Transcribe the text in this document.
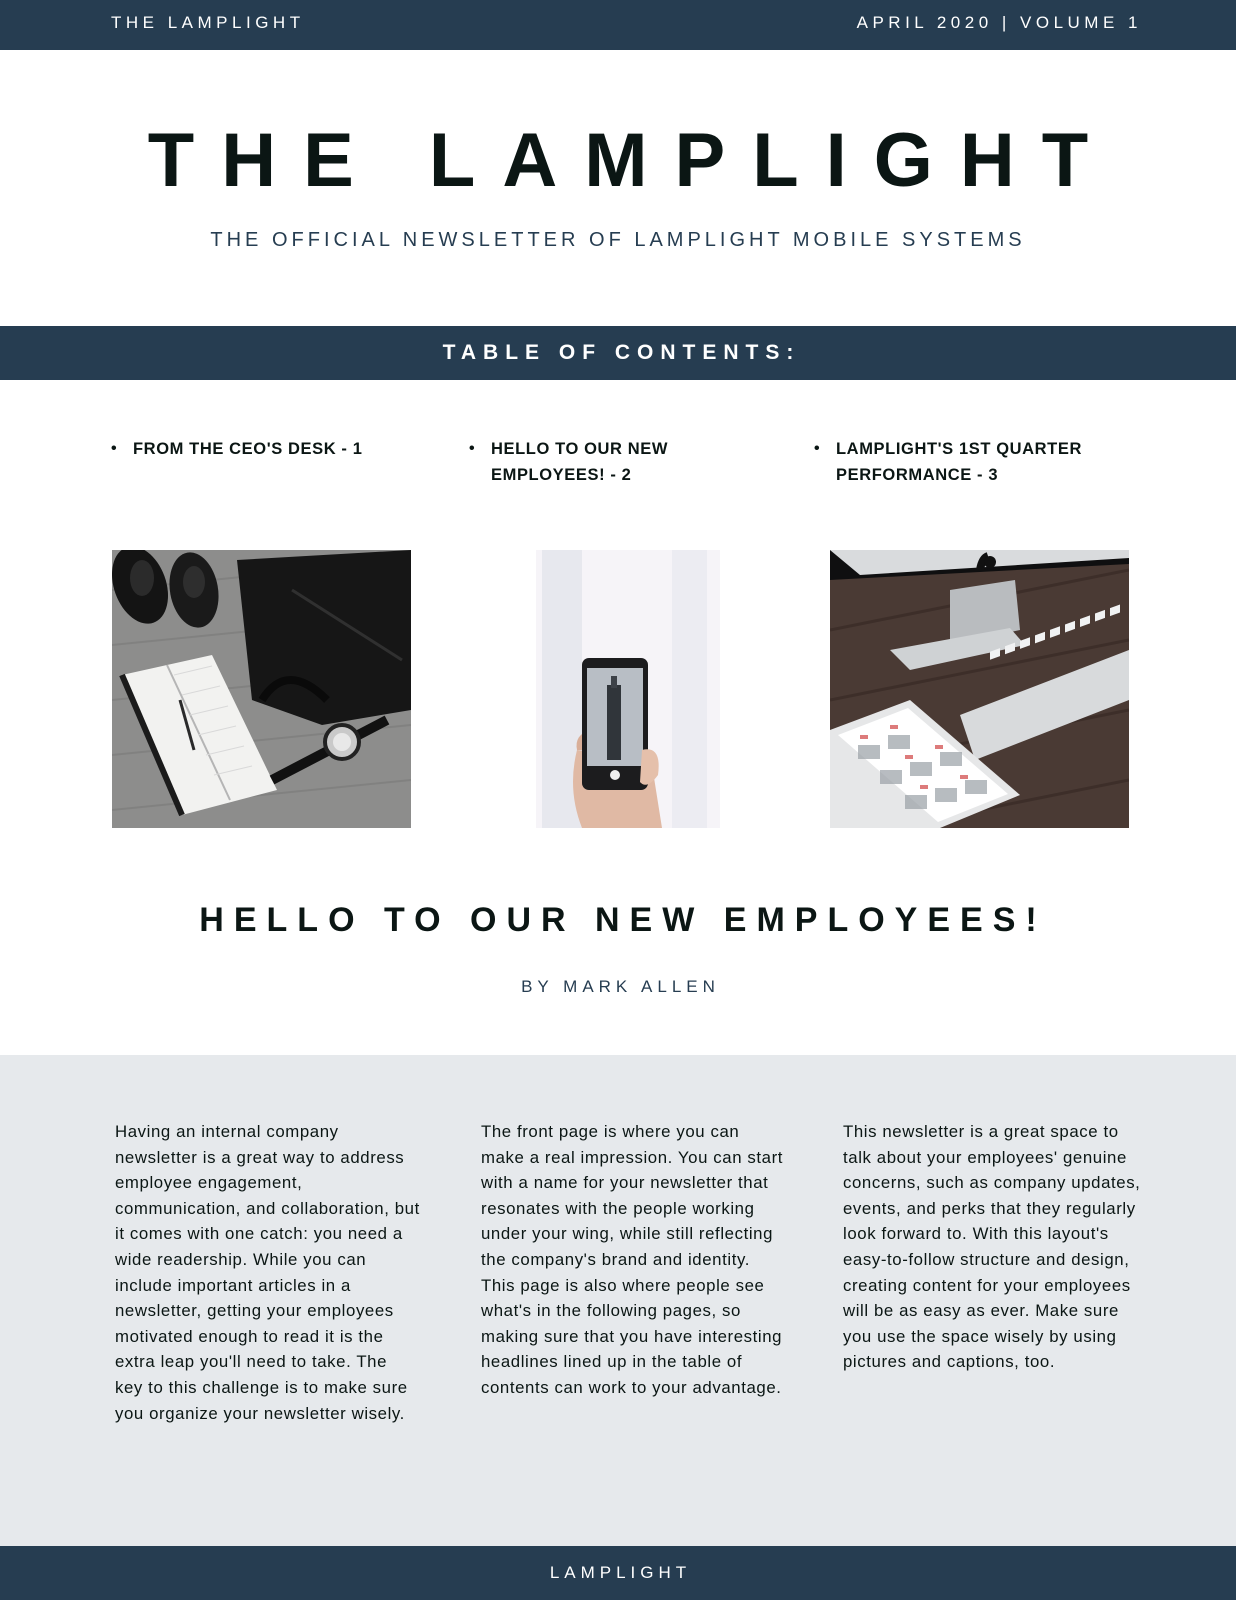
THE LAMPLIGHT	APRIL 2020 | VOLUME 1
THE LAMPLIGHT
THE OFFICIAL NEWSLETTER OF LAMPLIGHT MOBILE SYSTEMS
TABLE OF CONTENTS:
• FROM THE CEO'S DESK - 1	• HELLO TO OUR NEW EMPLOYEES! - 2
• LAMPLIGHT'S 1ST QUARTER PERFORMANCE - 3
HELLO TO OUR NEW EMPLOYEES!
BY MARK ALLEN
Having an internal company newsletter is a great way to address employee engagement, communication, and collaboration, but it comes with one catch: you need a wide readership. While you can include important articles in a newsletter, getting your employees motivated enough to read it is the extra leap you'll need to take. The key to this challenge is to make sure you organize your newsletter wisely.
The front page is where you can make a real impression. You can start with a name for your newsletter that resonates with the people working under your wing, while still reflecting the company's brand and identity. This page is also where people see what's in the following pages, so making sure that you have interesting headlines lined up in the table of contents can work to your advantage.
This newsletter is a great space to talk about your employees' genuine concerns, such as company updates, events, and perks that they regularly look forward to. With this layout's easy-to-follow structure and design, creating content for your employees will be as easy as ever. Make sure you use the space wisely by using pictures and captions, too.
LAMPLIGHT
